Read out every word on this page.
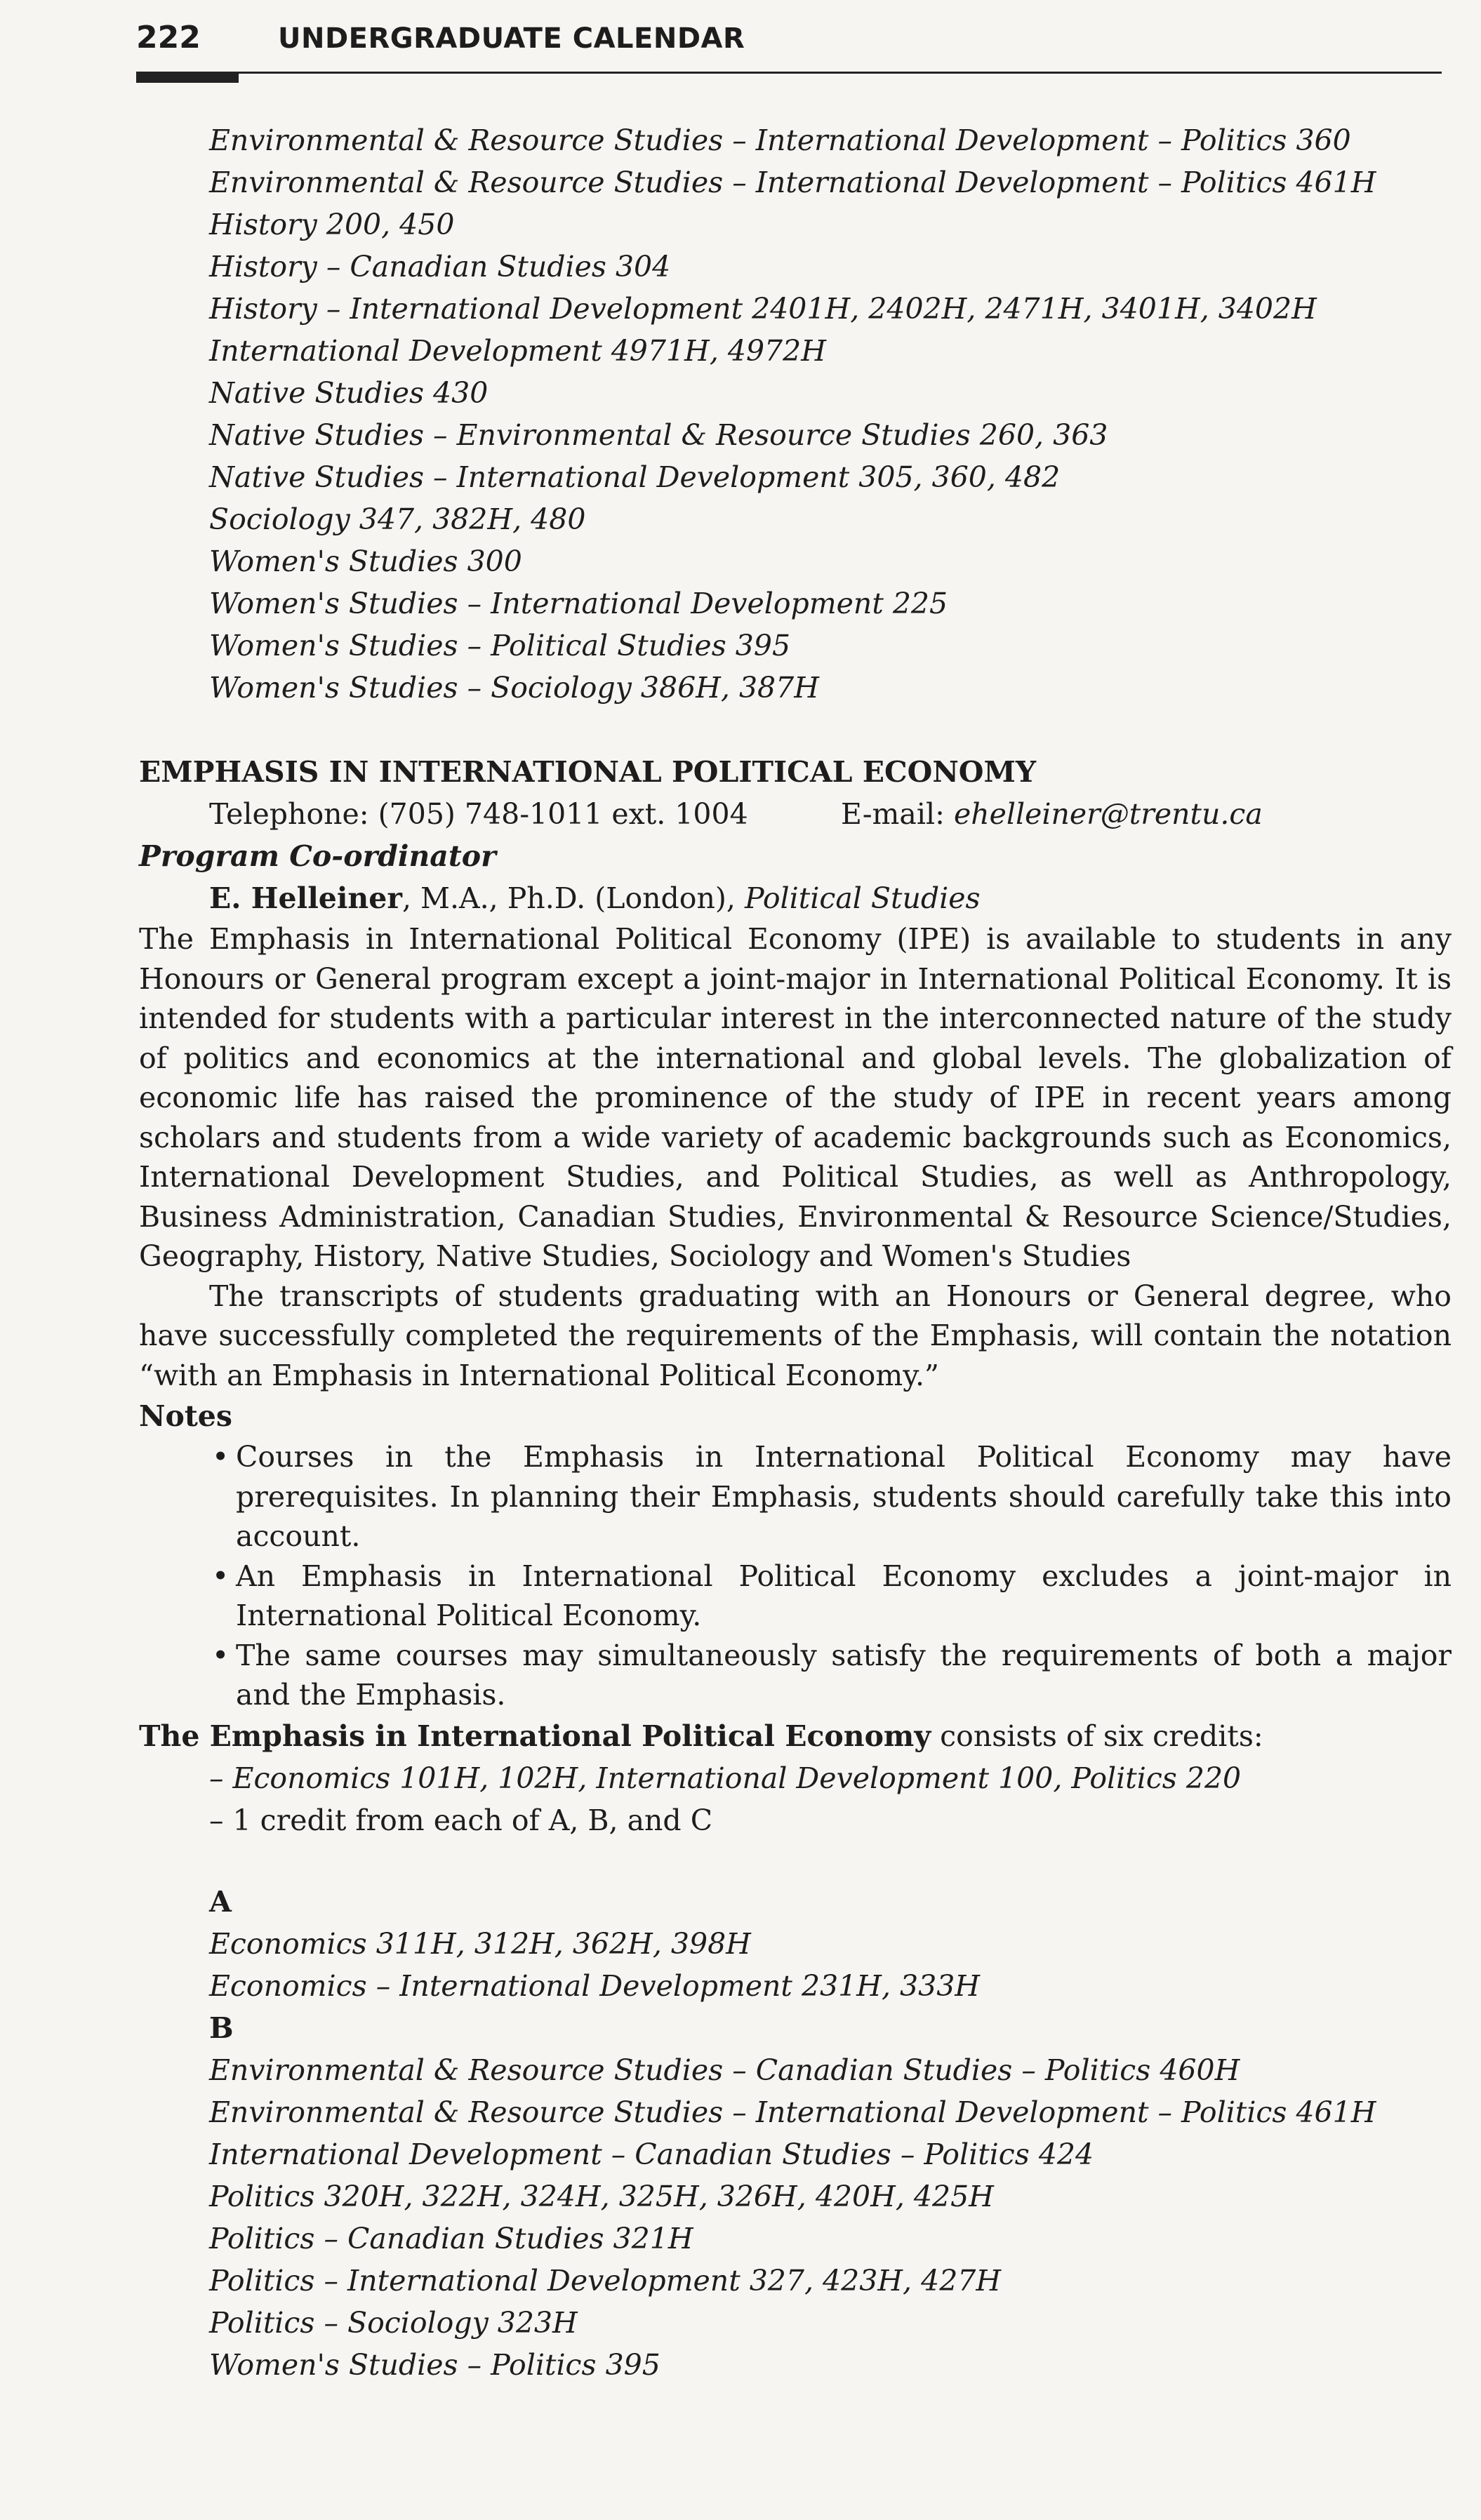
222	UNDERGRADUATE CALENDAR
Environmental & Resource Studies – International Development – Politics 360
Environmental & Resource Studies – International Development – Politics 461H
History 200, 450
History – Canadian Studies 304
History – International Development 2401H, 2402H, 2471H, 3401H, 3402H
International Development 4971H, 4972H
Native Studies 430
Native Studies – Environmental & Resource Studies 260, 363
Native Studies – International Development 305, 360, 482
Sociology 347, 382H, 480
Women's Studies 300
Women's Studies – International Development 225
Women's Studies – Political Studies 395
Women's Studies – Sociology 386H, 387H
EMPHASIS IN INTERNATIONAL POLITICAL ECONOMY
Telephone: (705) 748-1011 ext. 1004	E-mail: ehelleiner@trentu.ca
Program Co-ordinator
E. Helleiner, M.A., Ph.D. (London), Political Studies

The Emphasis in International Political Economy (IPE) is available to students in any Honours or General program except a joint-major in International Political Economy. It is intended for students with a particular interest in the interconnected nature of the study of politics and economics at the international and global levels. The globalization of economic life has raised the prominence of the study of IPE in recent years among scholars and students from a wide variety of academic backgrounds such as Economics, International Development Studies, and Political Studies, as well as Anthropology, Business Administration, Canadian Studies, Environmental & Resource Science/Studies, Geography, History, Native Studies, Sociology and Women's Studies

The transcripts of students graduating with an Honours or General degree, who have successfully completed the requirements of the Emphasis, will contain the notation “with an Emphasis in International Political Economy.”

Notes
• Courses in the Emphasis in International Political Economy may have prerequisites. In planning their Emphasis, students should carefully take this into account.
• An Emphasis in International Political Economy excludes a joint-major in International Political Economy.
• The same courses may simultaneously satisfy the requirements of both a major and the Emphasis.
The Emphasis in International Political Economy consists of six credits:
– Economics 101H, 102H, International Development 100, Politics 220
– 1 credit from each of A, B, and C
A
Economics 311H, 312H, 362H, 398H
Economics – International Development 231H, 333H
B
Environmental & Resource Studies – Canadian Studies – Politics 460H
Environmental & Resource Studies – International Development – Politics 461H
International Development – Canadian Studies – Politics 424
Politics 320H, 322H, 324H, 325H, 326H, 420H, 425H
Politics – Canadian Studies 321H
Politics – International Development 327, 423H, 427H
Politics – Sociology 323H
Women's Studies – Politics 395
